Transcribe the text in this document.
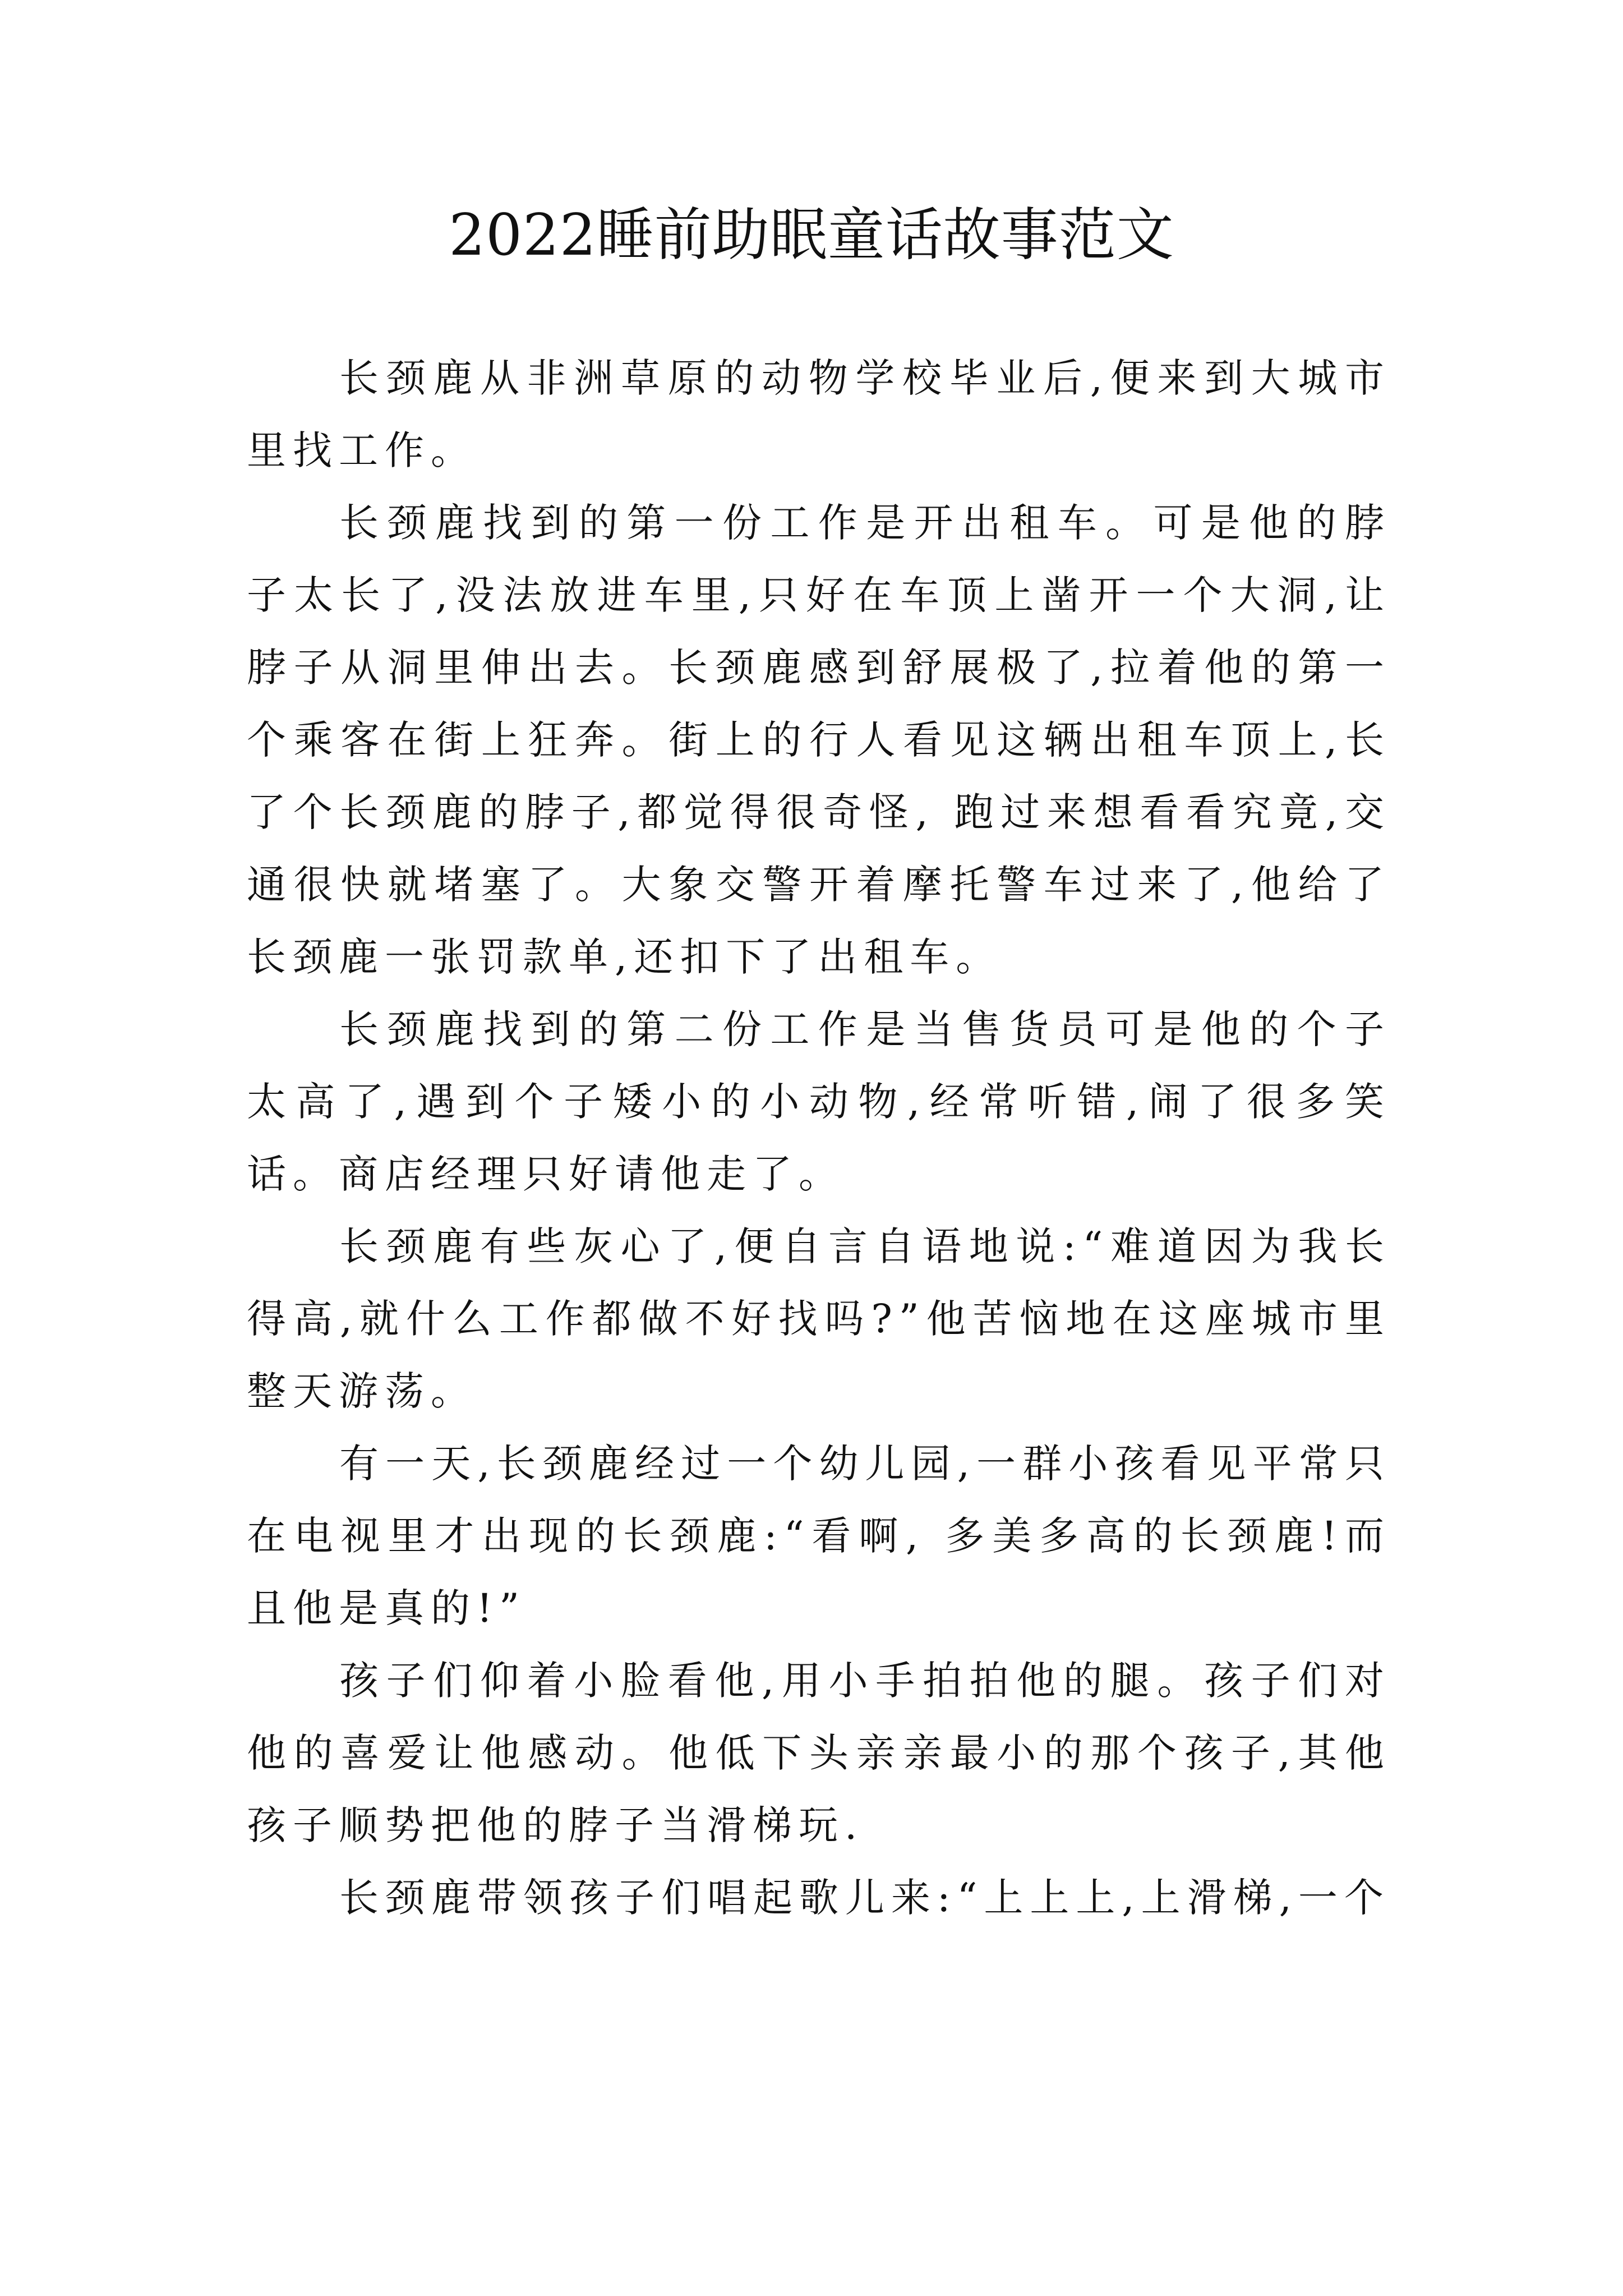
2022睡前助眠童话故事范文

长颈鹿从非洲草原的动物学校毕业后,便来到大城市里找工作。

长颈鹿找到的第一份工作是开出租车。可是他的脖子太长了,没法放进车里,只好在车顶上凿开一个大洞,让脖子从洞里伸出去。长颈鹿感到舒展极了,拉着他的第一个乘客在街上狂奔。街上的行人看见这辆出租车顶上,长了个长颈鹿的脖子,都觉得很奇怪, 跑过来想看看究竟,交通很快就堵塞了。大象交警开着摩托警车过来了,他给了长颈鹿一张罚款单,还扣下了出租车。

长颈鹿找到的第二份工作是当售货员可是他的个子太高了,遇到个子矮小的小动物,经常听错,闹了很多笑话。商店经理只好请他走了。

长颈鹿有些灰心了,便自言自语地说:“难道因为我长得高,就什么工作都做不好找吗?”他苦恼地在这座城市里整天游荡。

有一天,长颈鹿经过一个幼儿园,一群小孩看见平常只在电视里才出现的长颈鹿:“看啊, 多美多高的长颈鹿!而且他是真的!”

孩子们仰着小脸看他,用小手拍拍他的腿。孩子们对他的喜爱让他感动。他低下头亲亲最小的那个孩子,其他孩子顺势把他的脖子当滑梯玩.

长颈鹿带领孩子们唱起歌儿来:“上上上,上滑梯,一个
